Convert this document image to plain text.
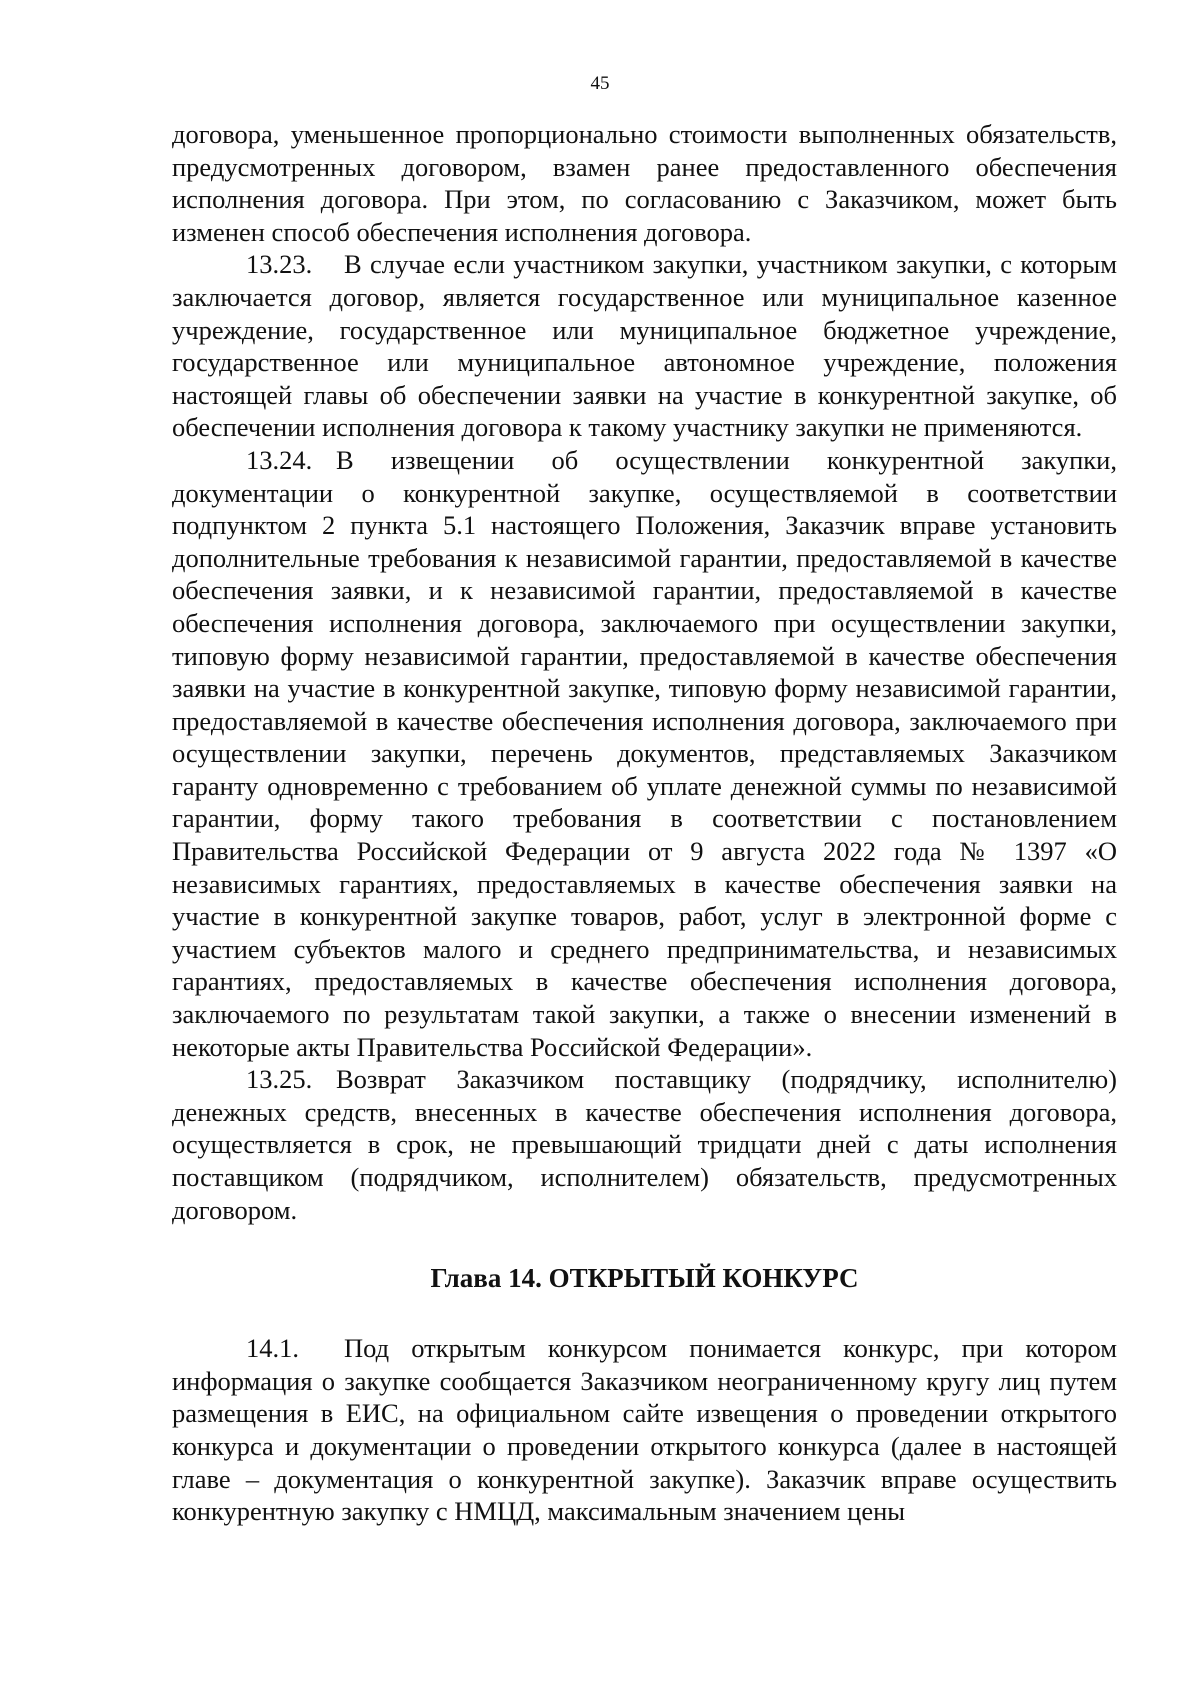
45

договора, уменьшенное пропорционально стоимости выполненных обязательств, предусмотренных договором, взамен ранее предоставленного обеспечения исполнения договора. При этом, по согласованию с Заказчиком, может быть изменен способ обеспечения исполнения договора.

13.23. В случае если участником закупки, участником закупки, с которым заключается договор, является государственное или муниципальное казенное учреждение, государственное или муниципальное бюджетное учреждение, государственное или муниципальное автономное учреждение, положения настоящей главы об обеспечении заявки на участие в конкурентной закупке, об обеспечении исполнения договора к такому участнику закупки не применяются.

13.24. В извещении об осуществлении конкурентной закупки, документации о конкурентной закупке, осуществляемой в соответствии подпунктом 2 пункта 5.1 настоящего Положения, Заказчик вправе установить дополнительные требования к независимой гарантии, предоставляемой в качестве обеспечения заявки, и к независимой гарантии, предоставляемой в качестве обеспечения исполнения договора, заключаемого при осуществлении закупки, типовую форму независимой гарантии, предоставляемой в качестве обеспечения заявки на участие в конкурентной закупке, типовую форму независимой гарантии, предоставляемой в качестве обеспечения исполнения договора, заключаемого при осуществлении закупки, перечень документов, представляемых Заказчиком гаранту одновременно с требованием об уплате денежной суммы по независимой гарантии, форму такого требования в соответствии с постановлением Правительства Российской Федерации от 9 августа 2022 года № 1397 «О независимых гарантиях, предоставляемых в качестве обеспечения заявки на участие в конкурентной закупке товаров, работ, услуг в электронной форме с участием субъектов малого и среднего предпринимательства, и независимых гарантиях, предоставляемых в качестве обеспечения исполнения договора, заключаемого по результатам такой закупки, а также о внесении изменений в некоторые акты Правительства Российской Федерации».

13.25. Возврат Заказчиком поставщику (подрядчику, исполнителю) денежных средств, внесенных в качестве обеспечения исполнения договора, осуществляется в срок, не превышающий тридцати дней с даты исполнения поставщиком (подрядчиком, исполнителем) обязательств, предусмотренных договором.

Глава 14. ОТКРЫТЫЙ КОНКУРС

14.1. Под открытым конкурсом понимается конкурс, при котором информация о закупке сообщается Заказчиком неограниченному кругу лиц путем размещения в ЕИС, на официальном сайте извещения о проведении открытого конкурса и документации о проведении открытого конкурса (далее в настоящей главе – документация о конкурентной закупке). Заказчик вправе осуществить конкурентную закупку с НМЦД, максимальным значением цены
